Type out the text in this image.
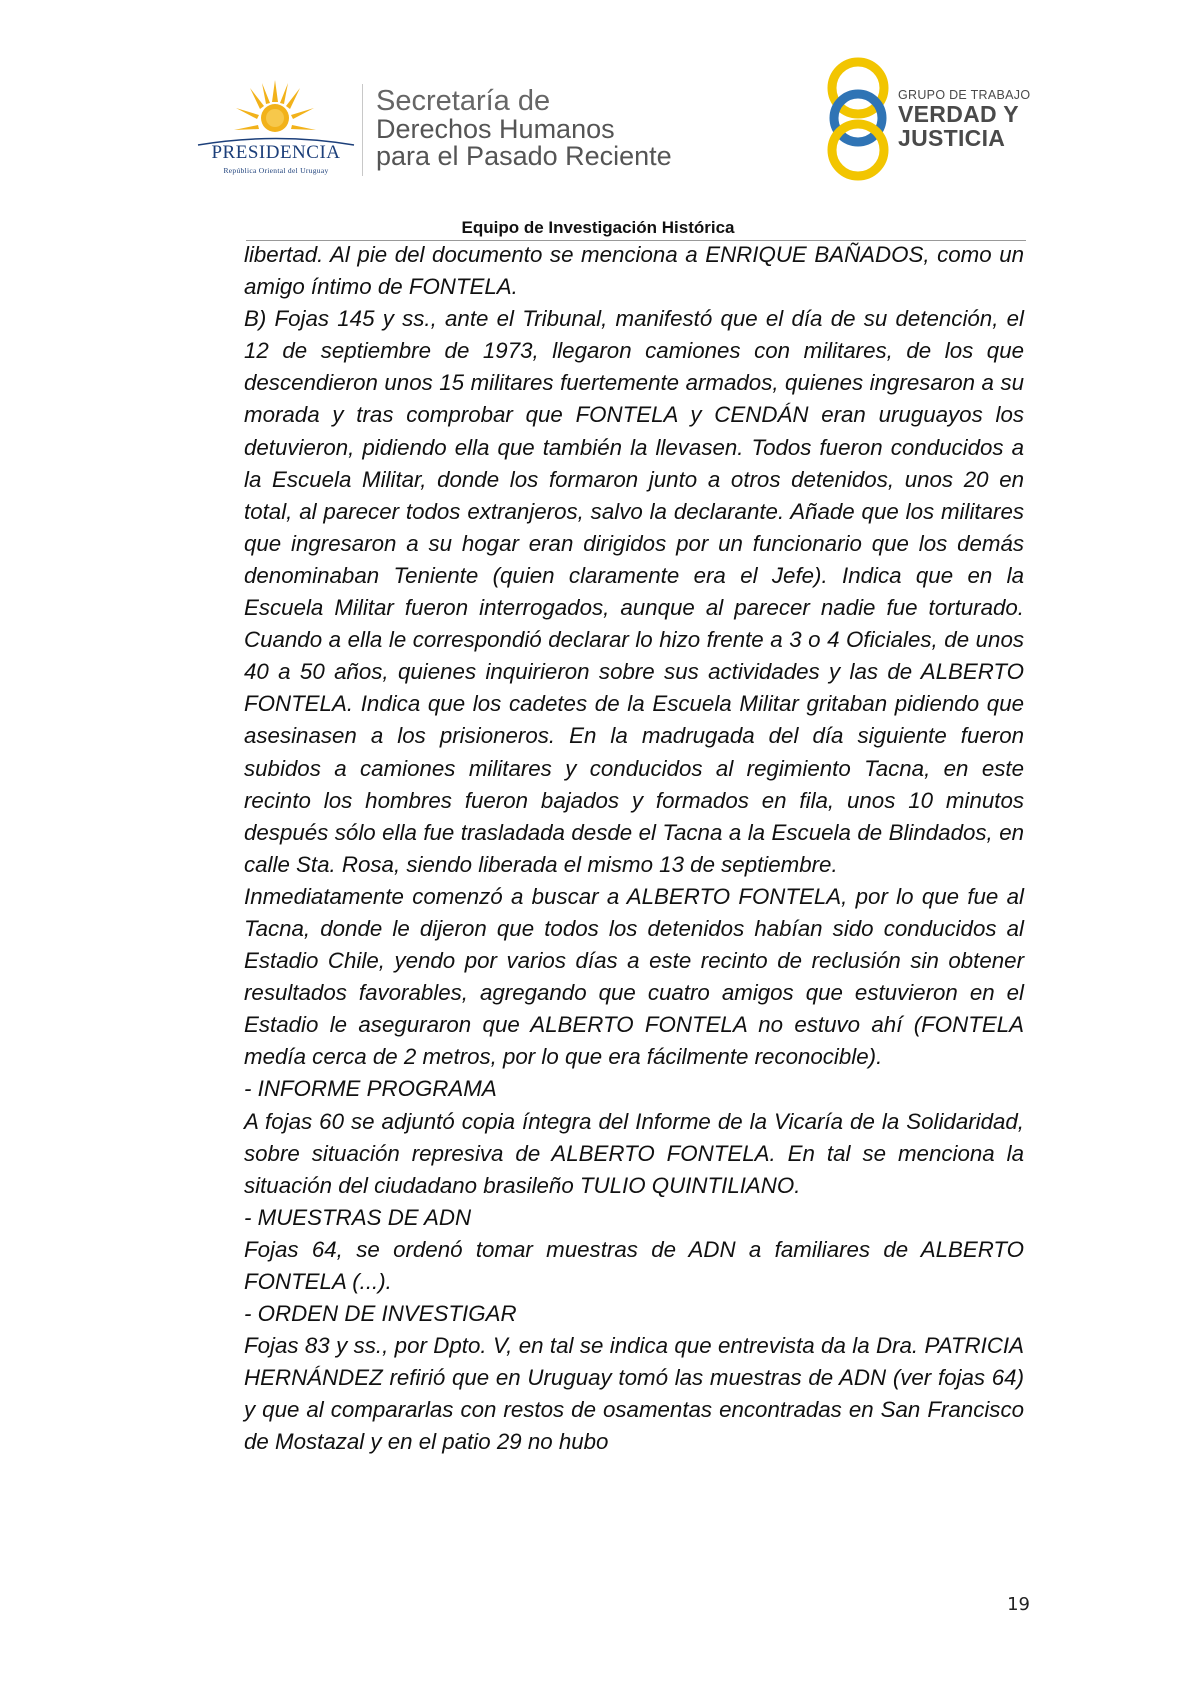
PRESIDENCIA
República Oriental del Uruguay
Secretaría de
Derechos Humanos
para el Pasado Reciente
GRUPO DE TRABAJO
VERDAD Y
JUSTICIA
Equipo de Investigación Histórica

libertad. Al pie del documento se menciona a ENRIQUE BAÑADOS, como un amigo íntimo de FONTELA.

B) Fojas 145 y ss., ante el Tribunal, manifestó que el día de su detención, el 12 de septiembre de 1973, llegaron camiones con militares, de los que descendieron unos 15 militares fuertemente armados, quienes ingresaron a su morada y tras comprobar que FONTELA y CENDÁN eran uruguayos los detuvieron, pidiendo ella que también la llevasen. Todos fueron conducidos a la Escuela Militar, donde los formaron junto a otros detenidos, unos 20 en total, al parecer todos extranjeros, salvo la declarante. Añade que los militares que ingresaron a su hogar eran dirigidos por un funcionario que los demás denominaban Teniente (quien claramente era el Jefe). Indica que en la Escuela Militar fueron interrogados, aunque al parecer nadie fue torturado. Cuando a ella le correspondió declarar lo hizo frente a 3 o 4 Oficiales, de unos 40 a 50 años, quienes inquirieron sobre sus actividades y las de ALBERTO FONTELA. Indica que los cadetes de la Escuela Militar gritaban pidiendo que asesinasen a los prisioneros. En la madrugada del día siguiente fueron subidos a camiones militares y conducidos al regimiento Tacna, en este recinto los hombres fueron bajados y formados en fila, unos 10 minutos después sólo ella fue trasladada desde el Tacna a la Escuela de Blindados, en calle Sta. Rosa, siendo liberada el mismo 13 de septiembre.

Inmediatamente comenzó a buscar a ALBERTO FONTELA, por lo que fue al Tacna, donde le dijeron que todos los detenidos habían sido conducidos al Estadio Chile, yendo por varios días a este recinto de reclusión sin obtener resultados favorables, agregando que cuatro amigos que estuvieron en el Estadio le aseguraron que ALBERTO FONTELA no estuvo ahí (FONTELA medía cerca de 2 metros, por lo que era fácilmente reconocible).

- INFORME PROGRAMA

A fojas 60 se adjuntó copia íntegra del Informe de la Vicaría de la Solidaridad, sobre situación represiva de ALBERTO FONTELA. En tal se menciona la situación del ciudadano brasileño TULIO QUINTILIANO.

- MUESTRAS DE ADN

Fojas 64, se ordenó tomar muestras de ADN a familiares de ALBERTO FONTELA (...).

- ORDEN DE INVESTIGAR

Fojas 83 y ss., por Dpto. V, en tal se indica que entrevista da la Dra. PATRICIA HERNÁNDEZ refirió que en Uruguay tomó las muestras de ADN (ver fojas 64) y que al compararlas con restos de osamentas encontradas en San Francisco de Mostazal y en el patio 29 no hubo

19
